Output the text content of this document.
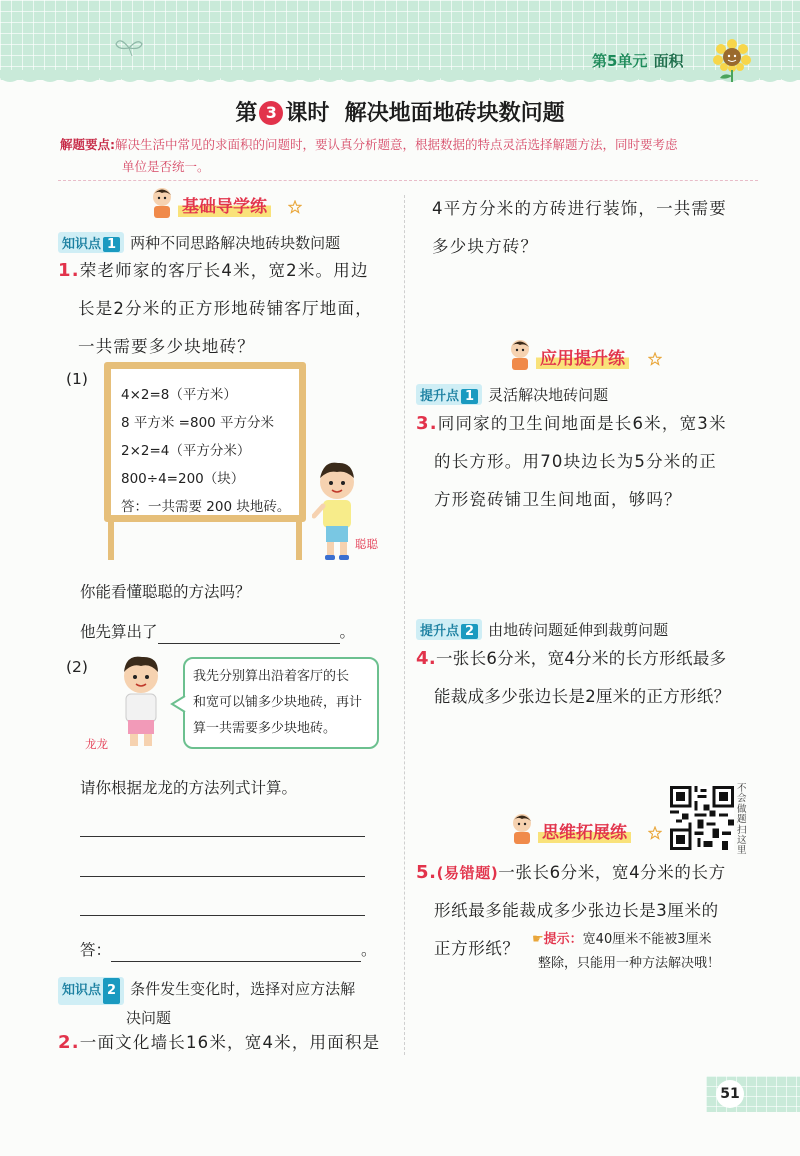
第5单元 面积
第 3 课时  解决地面地砖块数问题
解题要点:解决生活中常见的求面积的问题时，要认真分析题意，根据数据的特点灵活选择解题方法，同时要考虑
单位是否统一。
基础导学练
知识点 1 两种不同思路解决地砖块数问题
1.荣老师家的客厅长4米，宽2米。用边
长是2分米的正方形地砖铺客厅地面，
一共需要多少块地砖？
(1)
4×2=8（平方米）
8 平方米 =800 平方分米
2×2=4（平方分米）
800÷4=200（块）
答：一共需要 200 块地砖。
聪聪
你能看懂聪聪的方法吗？
他先算出了	。
(2)
龙龙
我先分别算出沿着客厅的长
和宽可以铺多少块地砖，再计
算一共需要多少块地砖。
请你根据龙龙的方法列式计算。
答：	。
知识点 2 条件发生变化时，选择对应方法解
决问题
2.一面文化墙长16米，宽4米，用面积是
4平方分米的方砖进行装饰，一共需要
多少块方砖？
应用提升练
提升点 1 灵活解决地砖问题
3.同同家的卫生间地面是长6米，宽3米
的长方形。用70块边长为5分米的正
方形瓷砖铺卫生间地面，够吗？
提升点 2 由地砖问题延伸到裁剪问题
4.一张长6分米，宽4分米的长方形纸最多
能裁成多少张边长是2厘米的正方形纸？
不会做题扫这里
思维拓展练
5.(易错题)一张长6分米，宽4分米的长方
形纸最多能裁成多少张边长是3厘米的
正方形纸？ ☛提示：宽40厘米不能被3厘米
整除，只能用一种方法解决哦！
51
